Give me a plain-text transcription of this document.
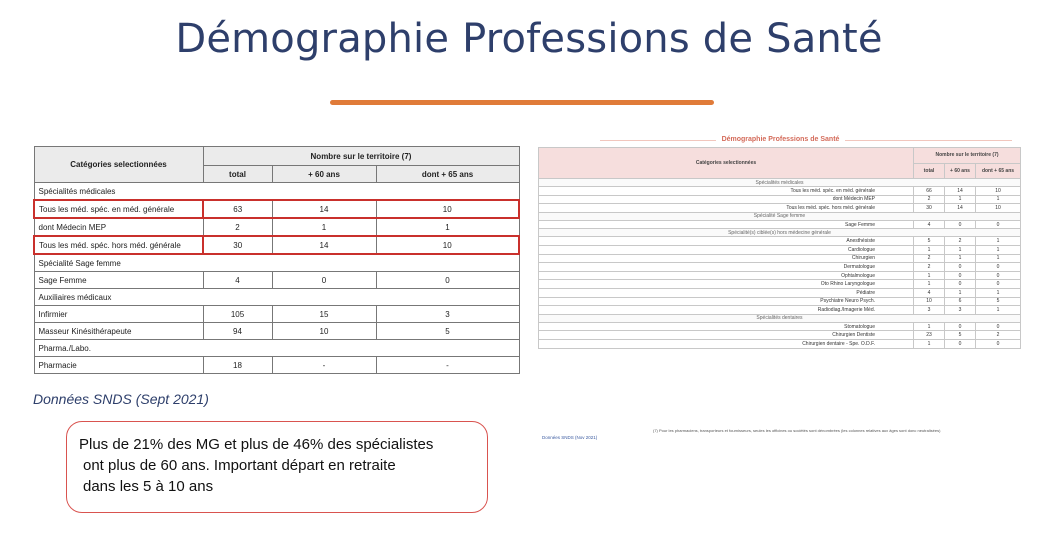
Démographie Professions de Santé
Catégories selectionnées	Nombre sur le territoire (7)		
	total	+ 60 ans	dont + 65 ans
Spécialités médicales			
Tous les méd. spéc. en méd. générale	63	14	10
dont Médecin MEP	2	1	1
Tous les méd. spéc. hors méd. générale	30	14	10
Spécialité Sage femme			
Sage Femme	4	0	0
Auxiliaires médicaux			
Infirmier	105	15	3
Masseur Kinésithérapeute	94	10	5
Pharma./Labo.			
Pharmacie	18	-	-
Données SNDS (Sept 2021)
Plus de 21% des MG et plus de 46% des spécialistes
ont plus de 60 ans. Important départ en retraite
dans les 5 à 10 ans
Démographie Professions de Santé
Catégories selectionnées	Nombre sur le territoire (7)		
	total	+ 60 ans	dont + 65 ans
Spécialités médicales			
Tous les méd. spéc. en méd. générale	66	14	10
dont Médecin MEP	2	1	1
Tous les méd. spéc. hors méd. générale	30	14	10
Spécialité Sage femme			
Sage Femme	4	0	0
Spécialité(s) ciblée(s) hors médecine générale			
Anesthésiste	5	2	1
Cardiologue	1	1	1
Chirurgien	2	1	1
Dermatologue	2	0	0
Ophtalmologue	1	0	0
Oto Rhino Laryngologue	1	0	0
Pédiatre	4	1	1
Psychiatre Neuro Psych.	10	6	5
Radiodiag./Imagerie Méd.	3	3	1
Spécialités dentaires			
Stomatologue	1	0	0
Chirurgien Dentiste	23	5	2
Chirurgien dentaire - Spe. O.D.F.	1	0	0
(7) Pour les pharmaciens, transporteurs et fournisseurs, seules les officines ou sociétés sont dénombrées (les colonnes relatives aux âges sont donc neutralisées)
Données SNDS (Nov 2021)
